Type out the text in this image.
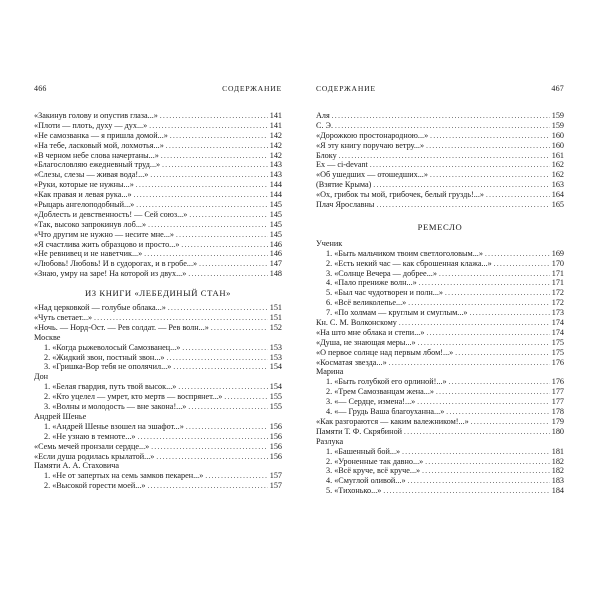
466	СОДЕРЖАНИЕ
«Закинув голову и опустив глаза...» .....	141
«Плоти — плоть, духу — дух...» .....	141
«Не самозванка — я пришла домой...» .....	142
«На тебе, ласковый мой, лохмотья...» .....	142
«В черном небе слова начертаны...» .....	142
«Благословляю ежедневный труд...» .....	143
«Слезы, слезы — живая вода!...» .....	143
«Руки, которые не нужны...» .....	144
«Как правая и левая рука...» .....	144
«Рыцарь ангелоподобный...» .....	145
«Доблесть и девственность! — Сей союз...» .....	145
«Так, высоко запрокинув лоб...» .....	145
«Что другим не нужно — несите мне...» .....	145
«Я счастлива жить образцово и просто...» .....	146
«Не ревнивец и не наветчик...» .....	146
«Любовь! Любовь! И в судорогах, и в гробе...» .....	147
«Знаю, умру на заре! На которой из двух...» .....	148
ИЗ КНИГИ «ЛЕБЕДИНЫЙ СТАН»
«Над церковкой — голубые облака...» .....	151
«Чуть светает...» .....	151
«Ночь. — Норд-Ост. — Рев солдат. — Рев волн...» .....	152
Москве
1. «Когда рыжеволосый Самозванец...» .....	153
2. «Жидкий звон, постный звон...» .....	153
3. «Гришка-Вор тебя не ополячил...» .....	154
Дон
1. «Белая гвардия, путь твой высок...» .....	154
2. «Кто уцелел — умрет, кто мертв — воспрянет...» .....	155
3. «Волны и молодость — вне закона!...» .....	155
Андрей Шенье
1. «Андрей Шенье взошел на эшафот...» .....	156
2. «Не узнаю в темноте...» .....	156
«Семь мечей пронзали сердце...» .....	156
«Если душа родилась крылатой...» .....	156
Памяти А. А. Стаховича
1. «Не от запертых на семь замков пекарен...» .....	157
2. «Высокой горести моей...» .....	157
СОДЕРЖАНИЕ	467
Аля .....	159
С. Э. .....	159
«Дорожкою простонародною...» .....	160
«Я эту книгу поручаю ветру...» .....	160
Блоку .....	161
Ex — ci-devant .....	162
«Об ушедших — отошедших...» .....	162
(Взятие Крыма) .....	163
«Ох, грибок ты мой, грибочек, белый груздь!...» .....	164
Плач Ярославны .....	165
РЕМЕСЛО
Ученик
1. «Быть мальчиком твоим светлоголовым...» .....	169
2. «Есть некий час — как сброшенная клажа...» .....	170
3. «Солнце Вечера — добрее...» .....	171
4. «Пало прениже волн...» .....	171
5. «Был час чудотворен и полн...» .....	172
6. «Всё великолепье...» .....	172
7. «По холмам — круглым и смуглым...» .....	173
Кн. С. М. Волконскому .....	174
«На што мне облака и степи...» .....	174
«Душа, не знающая меры...» .....	175
«О первое солнце над первым лбом!...» .....	175
«Косматая звезда...» .....	176
Марина
1. «Быть голубкой его орлиной!...» .....	176
2. «Трем Самозванцам жена...» .....	177
3. «— Сердце, измена!...» .....	177
4. «— Грудь Ваша благоуханна...» .....	178
«Как разгораются — каким валежником!...» .....	179
Памяти Т. Ф. Скрябиной .....	180
Разлука
1. «Башенный бой...» .....	181
2. «Уроненные так давно...» .....	182
3. «Всё круче, всё круче...» .....	182
4. «Смуглой оливой...» .....	183
5. «Тихонько...» .....	184
